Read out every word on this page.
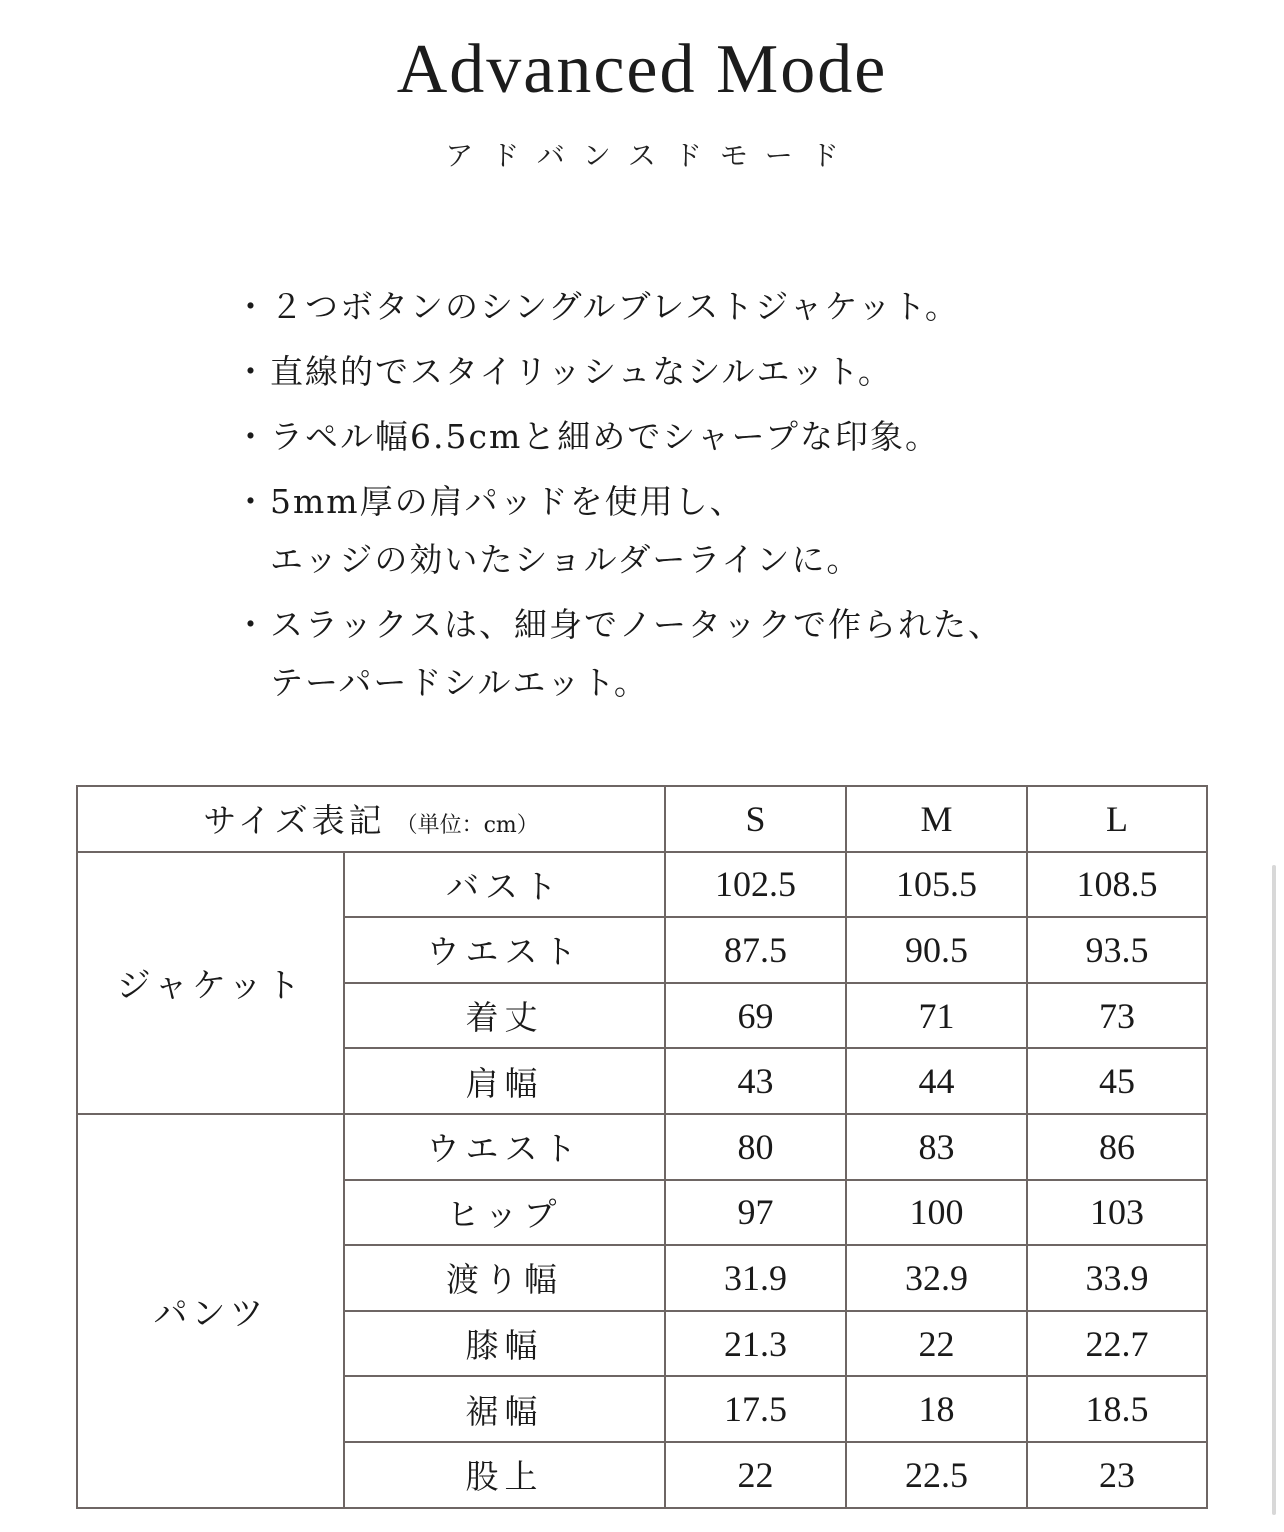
Advanced Mode
アドバンスドモード
・ ２つボタンのシングルブレストジャケット。
・ 直線的でスタイリッシュなシルエット。
・ ラペル幅6.5cmと細めでシャープな印象。
・ 5mm厚の肩パッドを使用し、
エッジの効いたショルダーラインに。
・ スラックスは、細身でノータックで作られた、
テーパードシルエット。
サイズ表記 （単位：cm）		S	M	L
ジャケット	バスト	102.5	105.5	108.5
	ウエスト	87.5	90.5	93.5
	着丈	69	71	73
	肩幅	43	44	45
パンツ	ウエスト	80	83	86
	ヒップ	97	100	103
	渡り幅	31.9	32.9	33.9
	膝幅	21.3	22	22.7
	裾幅	17.5	18	18.5
	股上	22	22.5	23
